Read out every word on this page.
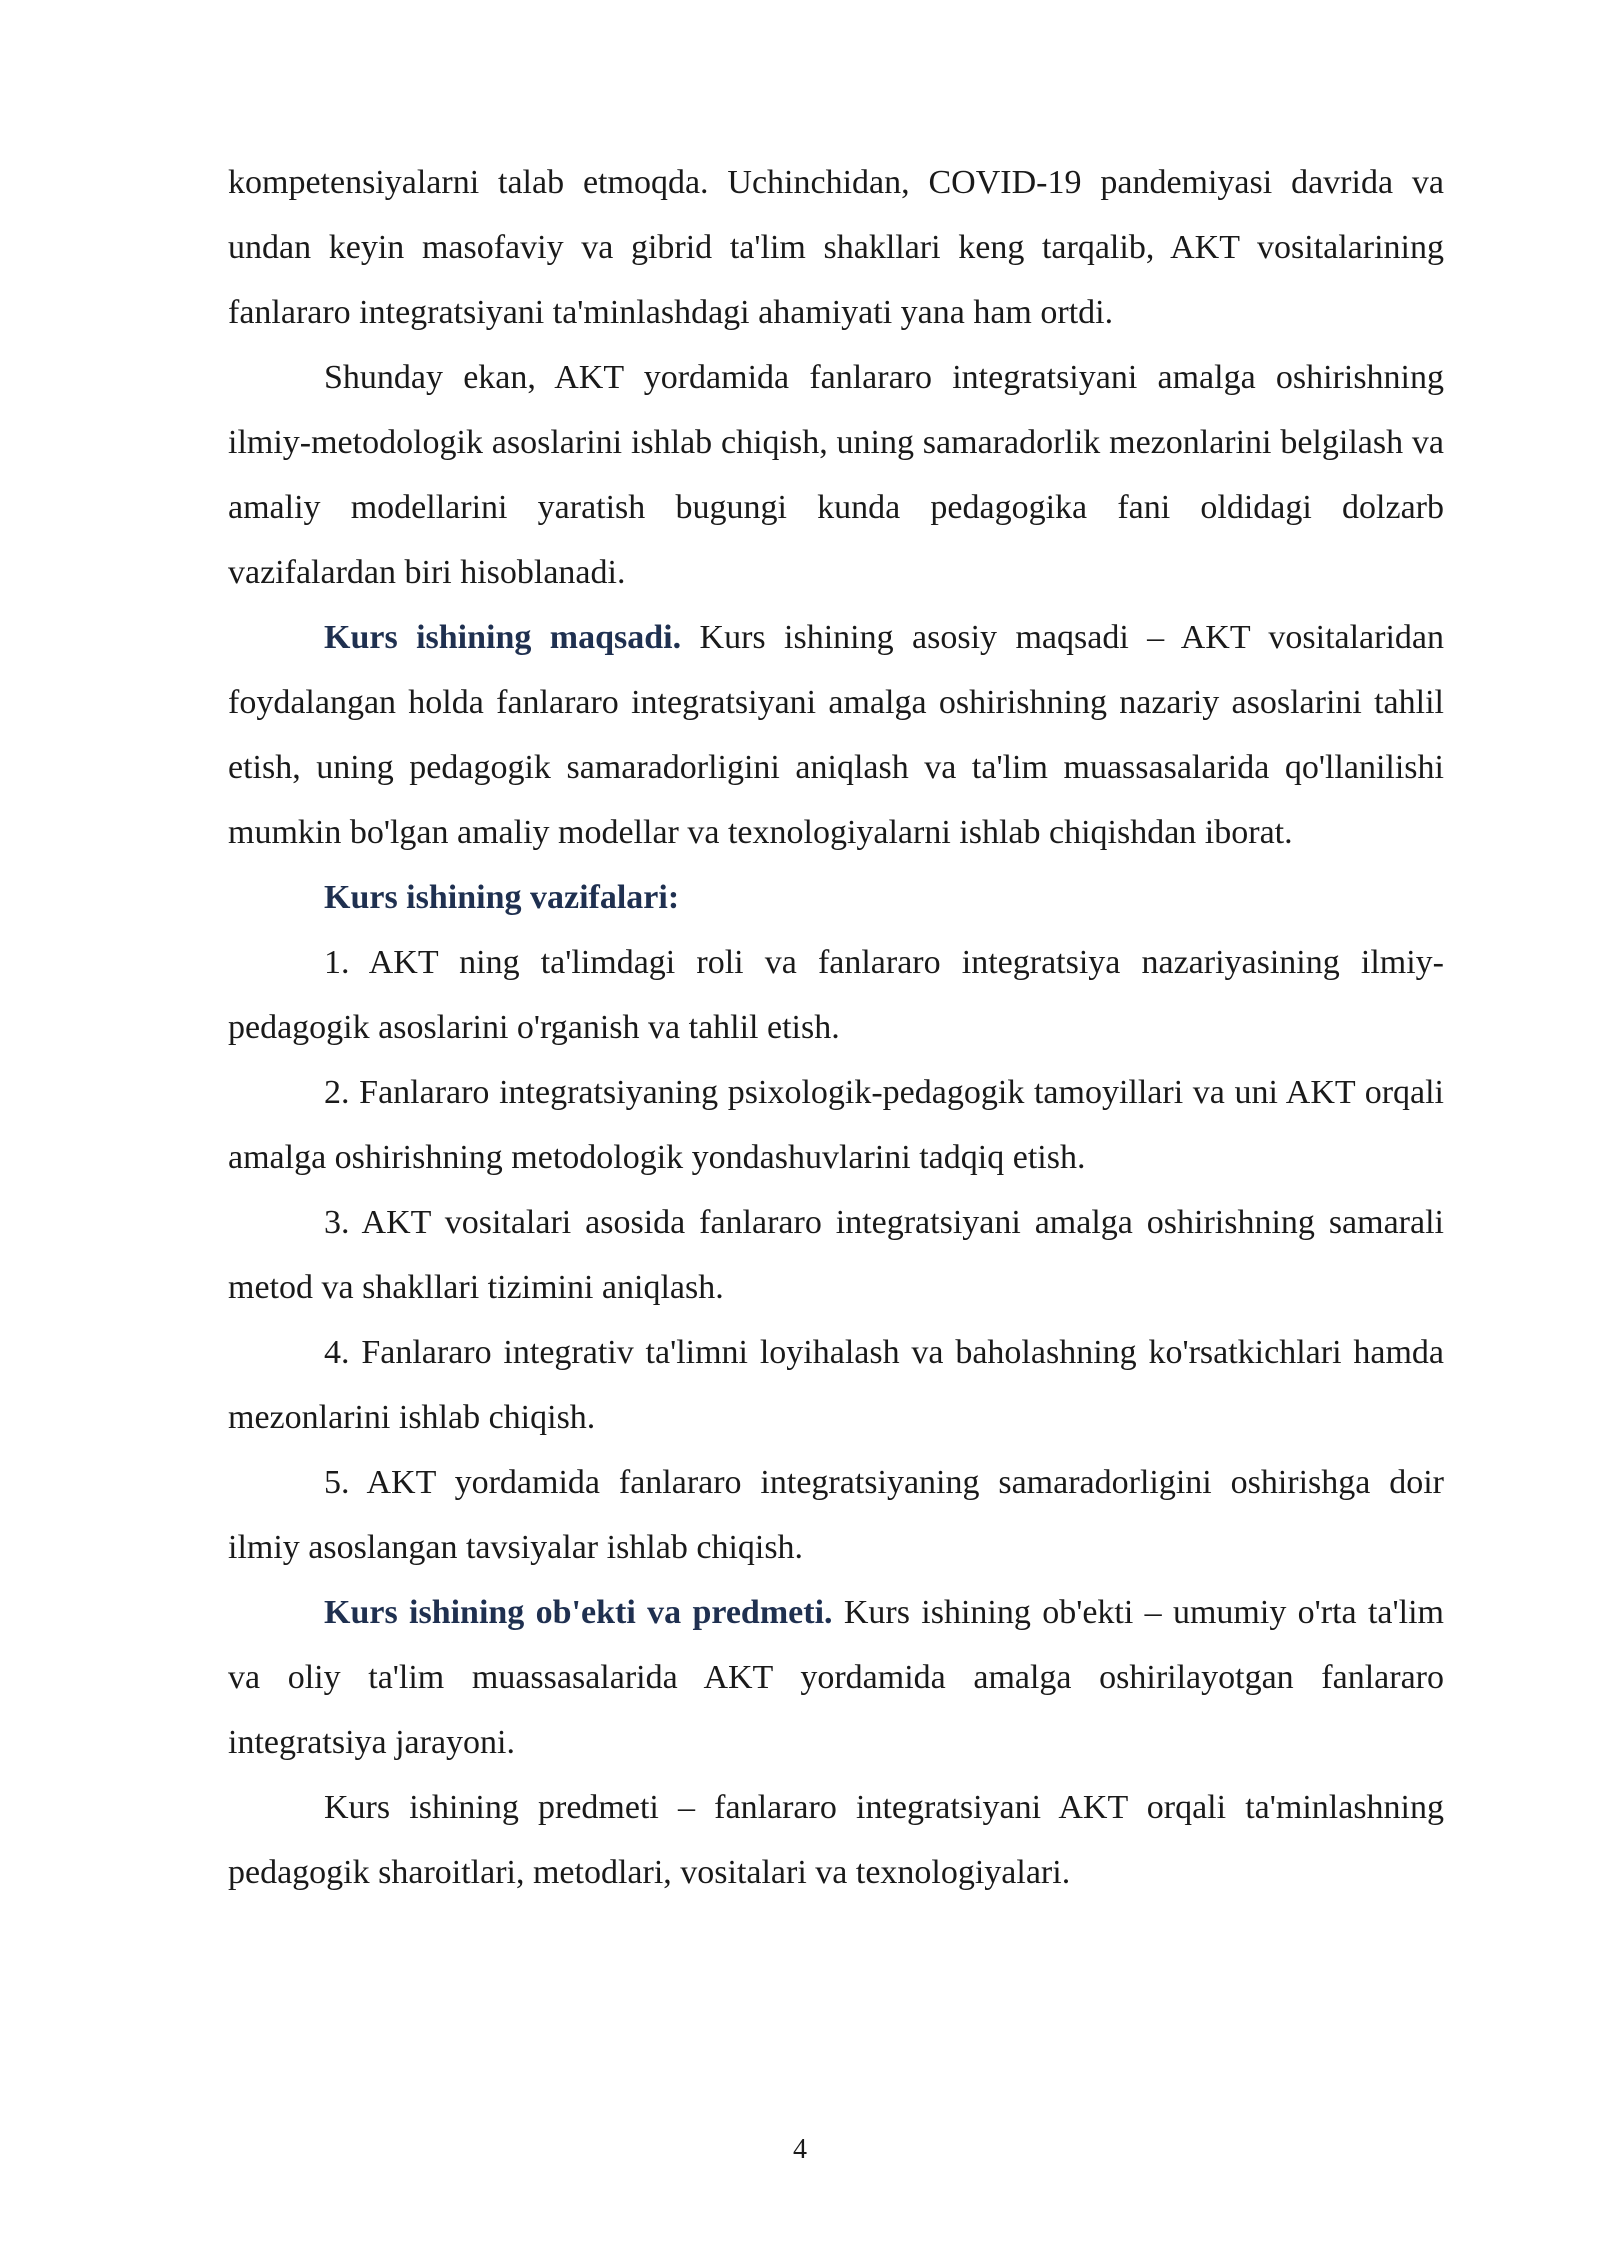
kompetensiyalarni talab etmoqda. Uchinchidan, COVID-19 pandemiyasi davrida va undan keyin masofaviy va gibrid ta'lim shakllari keng tarqalib, AKT vositalarining fanlararo integratsiyani ta'minlashdagi ahamiyati yana ham ortdi.

Shunday ekan, AKT yordamida fanlararo integratsiyani amalga oshirishning ilmiy-metodologik asoslarini ishlab chiqish, uning samaradorlik mezonlarini belgilash va amaliy modellarini yaratish bugungi kunda pedagogika fani oldidagi dolzarb vazifalardan biri hisoblanadi.

Kurs ishining maqsadi. Kurs ishining asosiy maqsadi – AKT vositalaridan foydalangan holda fanlararo integratsiyani amalga oshirishning nazariy asoslarini tahlil etish, uning pedagogik samaradorligini aniqlash va ta'lim muassasalarida qo'llanilishi mumkin bo'lgan amaliy modellar va texnologiyalarni ishlab chiqishdan iborat.

Kurs ishining vazifalari:

1. AKT ning ta'limdagi roli va fanlararo integratsiya nazariyasining ilmiy-pedagogik asoslarini o'rganish va tahlil etish.

2. Fanlararo integratsiyaning psixologik-pedagogik tamoyillari va uni AKT orqali amalga oshirishning metodologik yondashuvlarini tadqiq etish.

3. AKT vositalari asosida fanlararo integratsiyani amalga oshirishning samarali metod va shakllari tizimini aniqlash.

4. Fanlararo integrativ ta'limni loyihalash va baholashning ko'rsatkichlari hamda mezonlarini ishlab chiqish.

5. AKT yordamida fanlararo integratsiyaning samaradorligini oshirishga doir ilmiy asoslangan tavsiyalar ishlab chiqish.

Kurs ishining ob'ekti va predmeti. Kurs ishining ob'ekti – umumiy o'rta ta'lim va oliy ta'lim muassasalarida AKT yordamida amalga oshirilayotgan fanlararo integratsiya jarayoni.

Kurs ishining predmeti – fanlararo integratsiyani AKT orqali ta'minlashning pedagogik sharoitlari, metodlari, vositalari va texnologiyalari.

4
